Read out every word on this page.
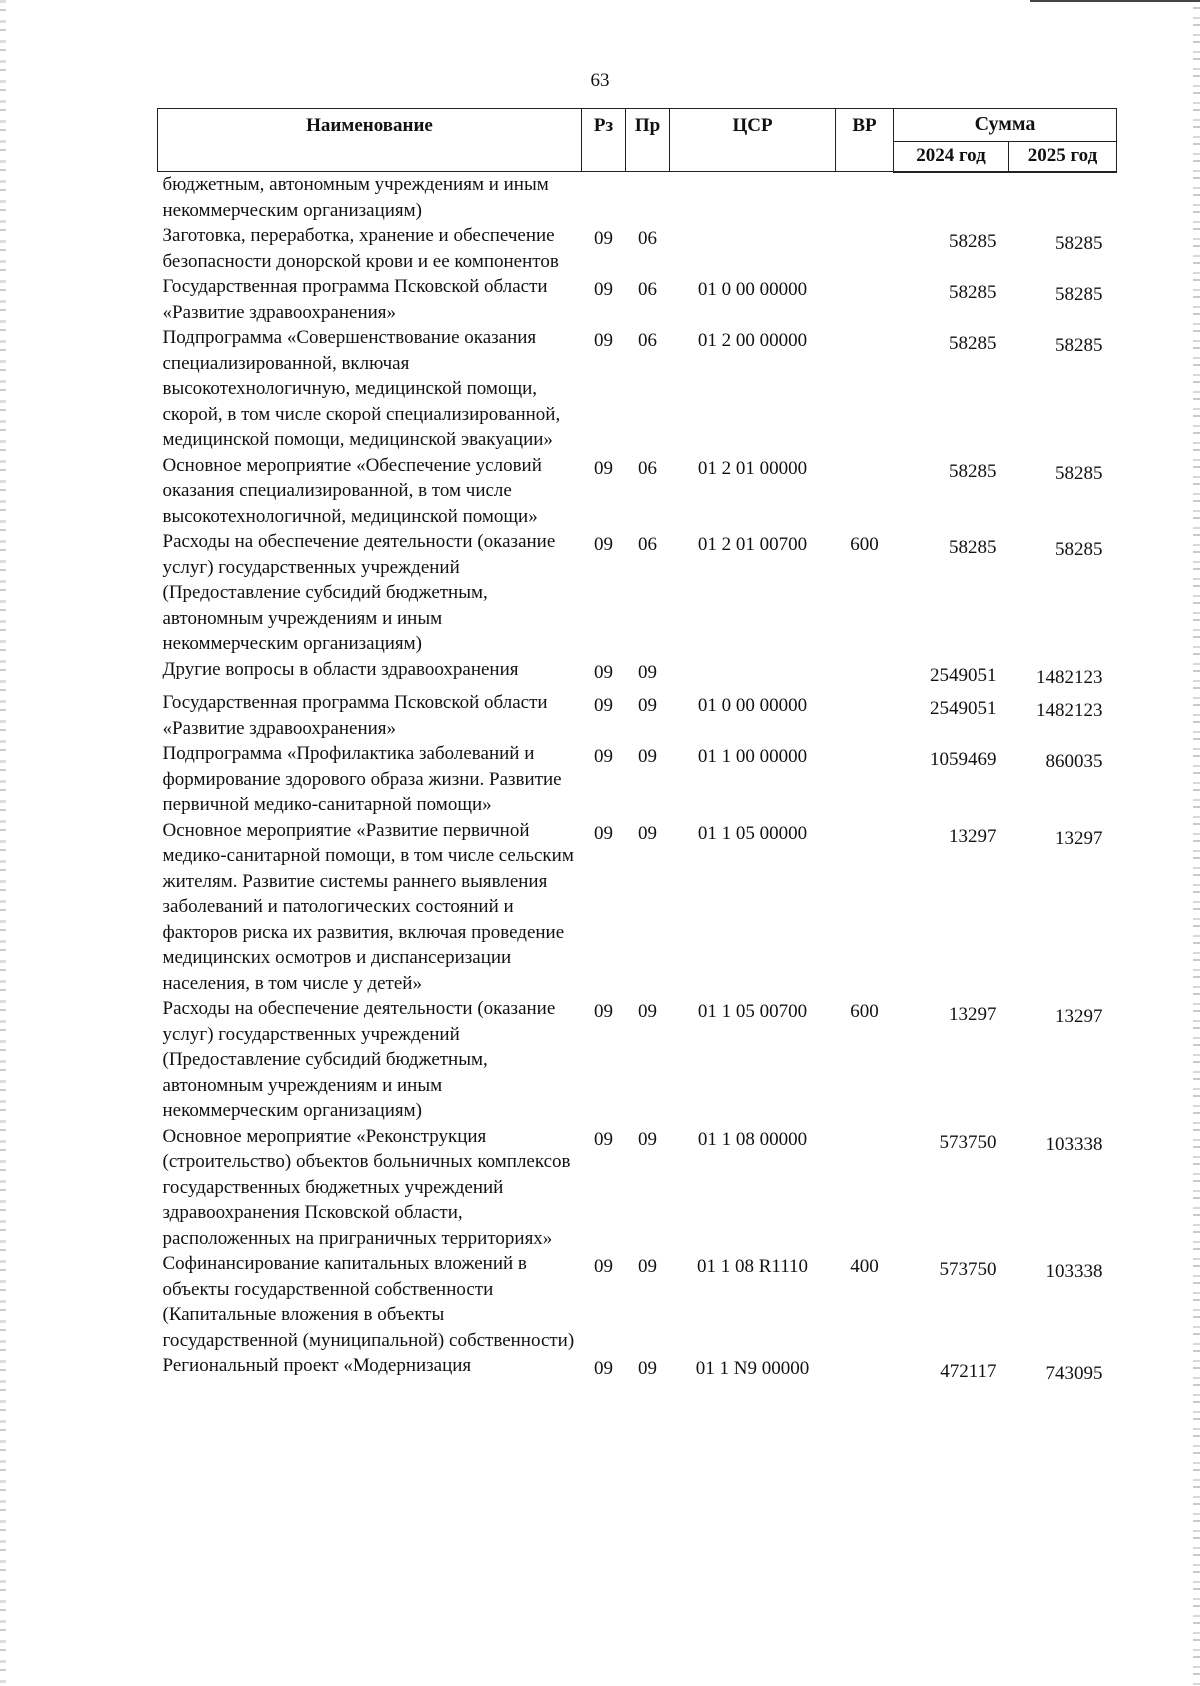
63
Наименование	Рз	Пр	ЦСР	ВР	Сумма	
					2024 год	2025 год
бюджетным, автономным учреждениям и иным некоммерческим организациям)						
Заготовка, переработка, хранение и обеспечение безопасности донорской крови и ее компонентов	09	06			58285	58285
Государственная программа Псковской области «Развитие здравоохранения»	09	06	01 0 00 00000		58285	58285
Подпрограмма «Совершенствование оказания специализированной, включая высокотехнологичную, медицинской помощи, скорой, в том числе скорой специализированной, медицинской помощи, медицинской эвакуации»	09	06	01 2 00 00000		58285	58285
Основное мероприятие «Обеспечение условий оказания специализированной, в том числе высокотехнологичной, медицинской помощи»	09	06	01 2 01 00000		58285	58285
Расходы на обеспечение деятельности (оказание услуг) государственных учреждений (Предоставление субсидий бюджетным, автономным учреждениям и иным некоммерческим организациям)	09	06	01 2 01 00700	600	58285	58285
Другие вопросы в области здравоохранения	09	09			2549051	1482123
Государственная программа Псковской области «Развитие здравоохранения»	09	09	01 0 00 00000		2549051	1482123
Подпрограмма «Профилактика заболеваний и формирование здорового образа жизни. Развитие первичной медико-санитарной помощи»	09	09	01 1 00 00000		1059469	860035
Основное мероприятие «Развитие первичной медико-санитарной помощи, в том числе сельским жителям. Развитие системы раннего выявления заболеваний и патологических состояний и факторов риска их развития, включая проведение медицинских осмотров и диспансеризации населения, в том числе у детей»	09	09	01 1 05 00000		13297	13297
Расходы на обеспечение деятельности (оказание услуг) государственных учреждений (Предоставление субсидий бюджетным, автономным учреждениям и иным некоммерческим организациям)	09	09	01 1 05 00700	600	13297	13297
Основное мероприятие «Реконструкция (строительство) объектов больничных комплексов государственных бюджетных учреждений здравоохранения Псковской области, расположенных на приграничных территориях»	09	09	01 1 08 00000		573750	103338
Софинансирование капитальных вложений в объекты государственной собственности (Капитальные вложения в объекты государственной (муниципальной) собственности)	09	09	01 1 08 R1110	400	573750	103338
Региональный проект «Модернизация	09	09	01 1 N9 00000		472117	743095
